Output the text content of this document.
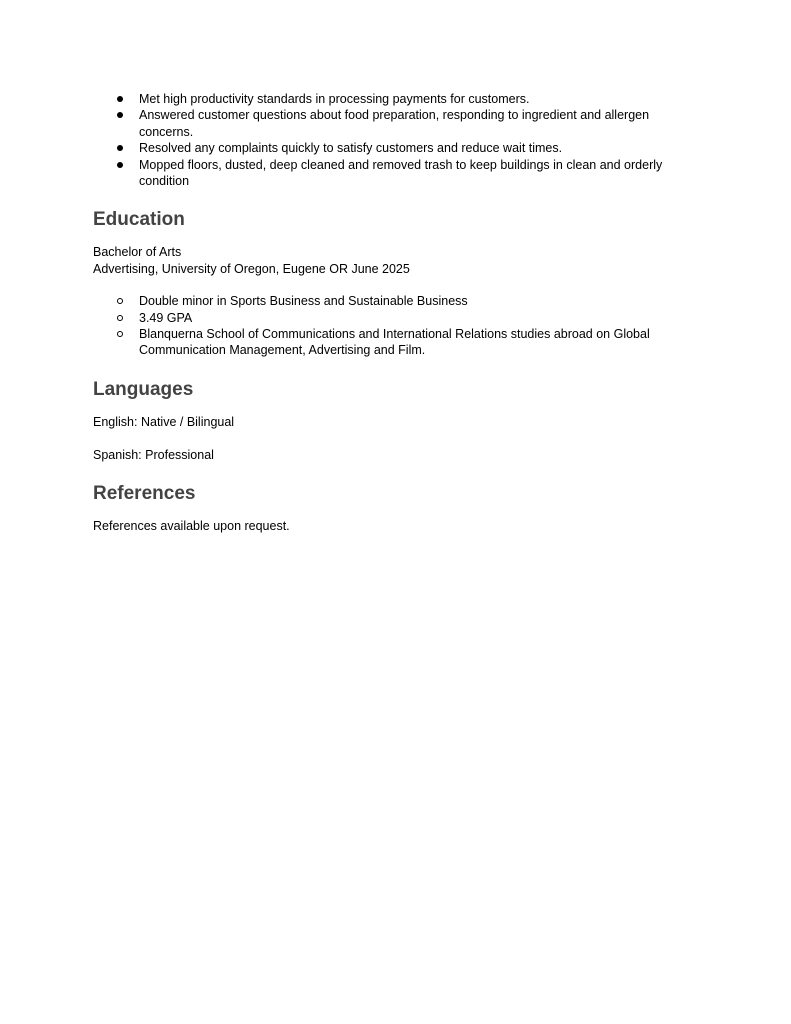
Met high productivity standards in processing payments for customers.
Answered customer questions about food preparation, responding to ingredient and allergen concerns.
Resolved any complaints quickly to satisfy customers and reduce wait times.
Mopped floors, dusted, deep cleaned and removed trash to keep buildings in clean and orderly condition
Education
Bachelor of Arts
Advertising, University of Oregon, Eugene OR June 2025
Double minor in Sports Business and Sustainable Business
3.49 GPA
Blanquerna School of Communications and International Relations studies abroad on Global Communication Management, Advertising and Film.
Languages
English: Native / Bilingual
Spanish: Professional
References
References available upon request.
